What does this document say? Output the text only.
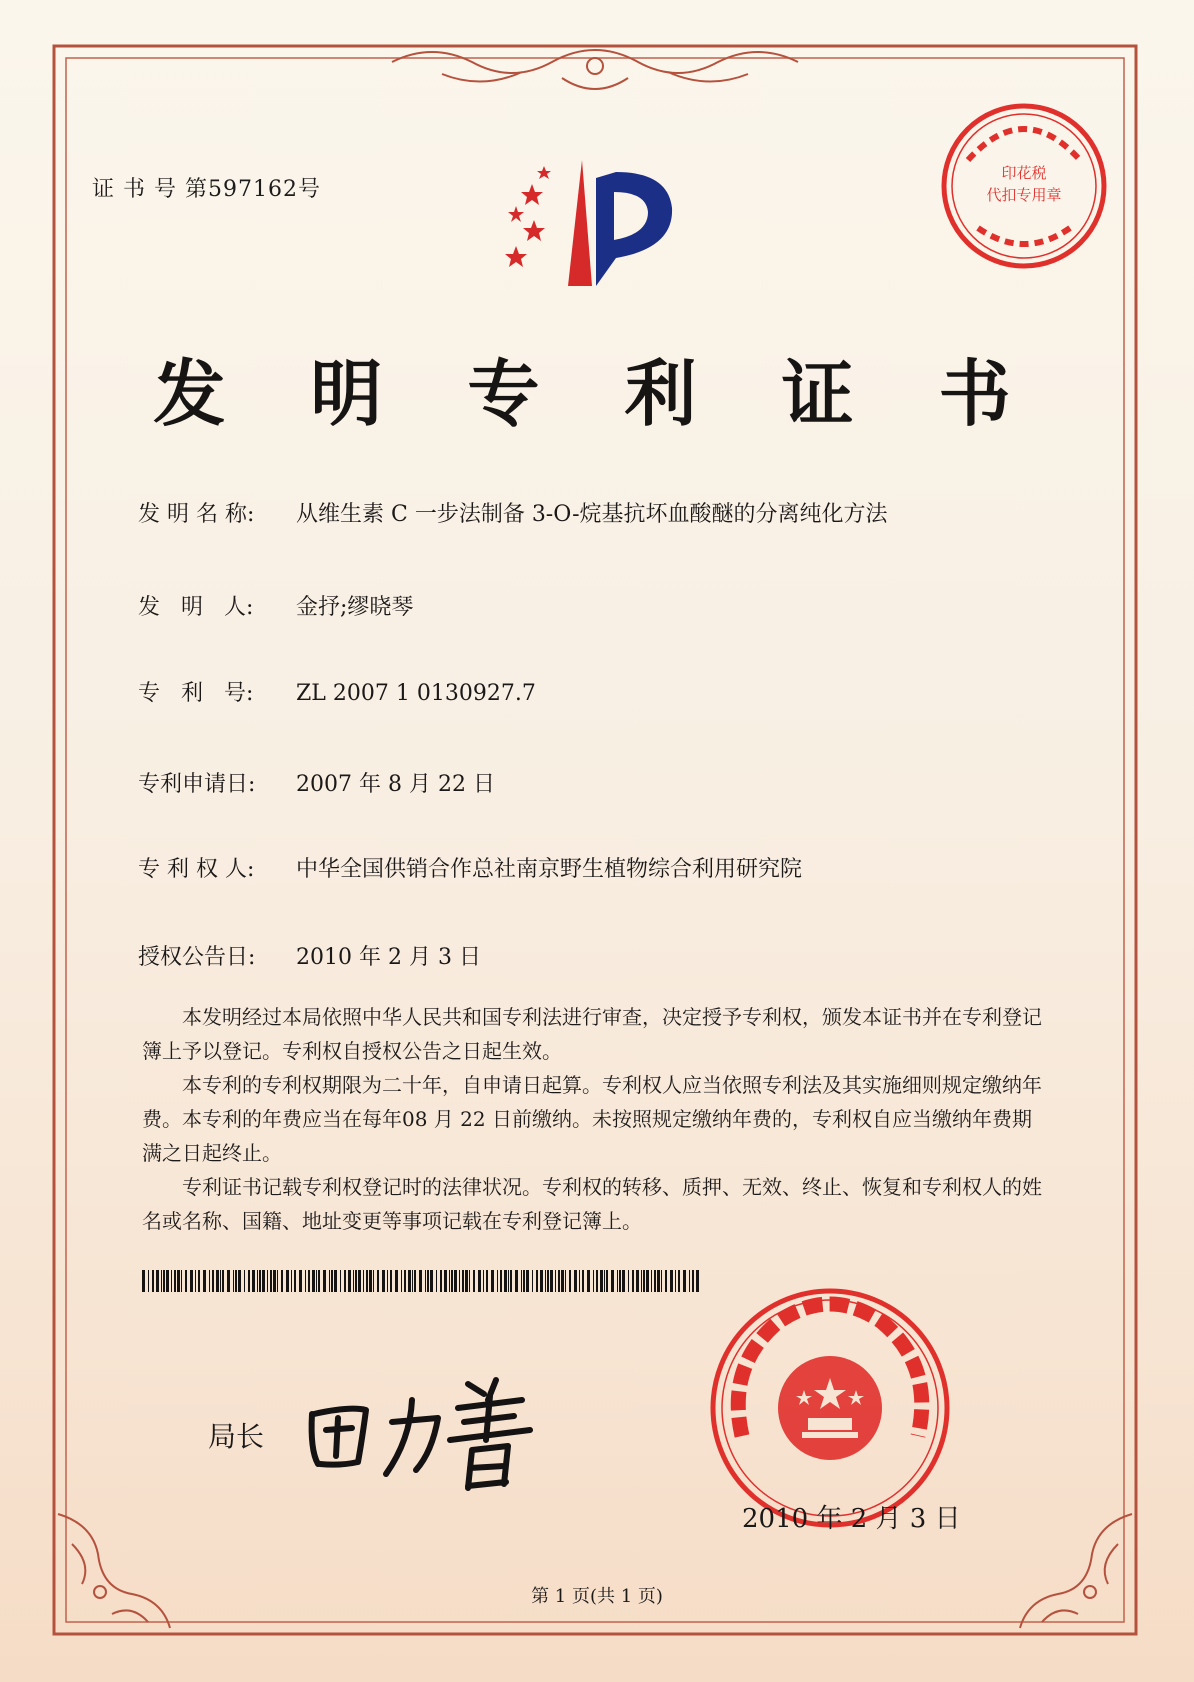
证 书 号 第597162号
发 明 专 利 证 书
发 明 名 称: 从维生素 C 一步法制备 3-O-烷基抗坏血酸醚的分离纯化方法
发   明   人: 金抒;缪晓琴
专   利   号: ZL 2007 1 0130927.7
专利申请日: 2007 年 8 月 22 日
专 利 权 人: 中华全国供销合作总社南京野生植物综合利用研究院
授权公告日: 2010 年 2 月 3 日

本发明经过本局依照中华人民共和国专利法进行审查，决定授予专利权，颁发本证书并在专利登记簿上予以登记。专利权自授权公告之日起生效。

本专利的专利权期限为二十年，自申请日起算。专利权人应当依照专利法及其实施细则规定缴纳年费。本专利的年费应当在每年08 月 22 日前缴纳。未按照规定缴纳年费的，专利权自应当缴纳年费期满之日起终止。

专利证书记载专利权登记时的法律状况。专利权的转移、质押、无效、终止、恢复和专利权人的姓名或名称、国籍、地址变更等事项记载在专利登记簿上。

局长
印花税
代扣专用章
2010 年 2 月 3 日
第 1 页(共 1 页)
